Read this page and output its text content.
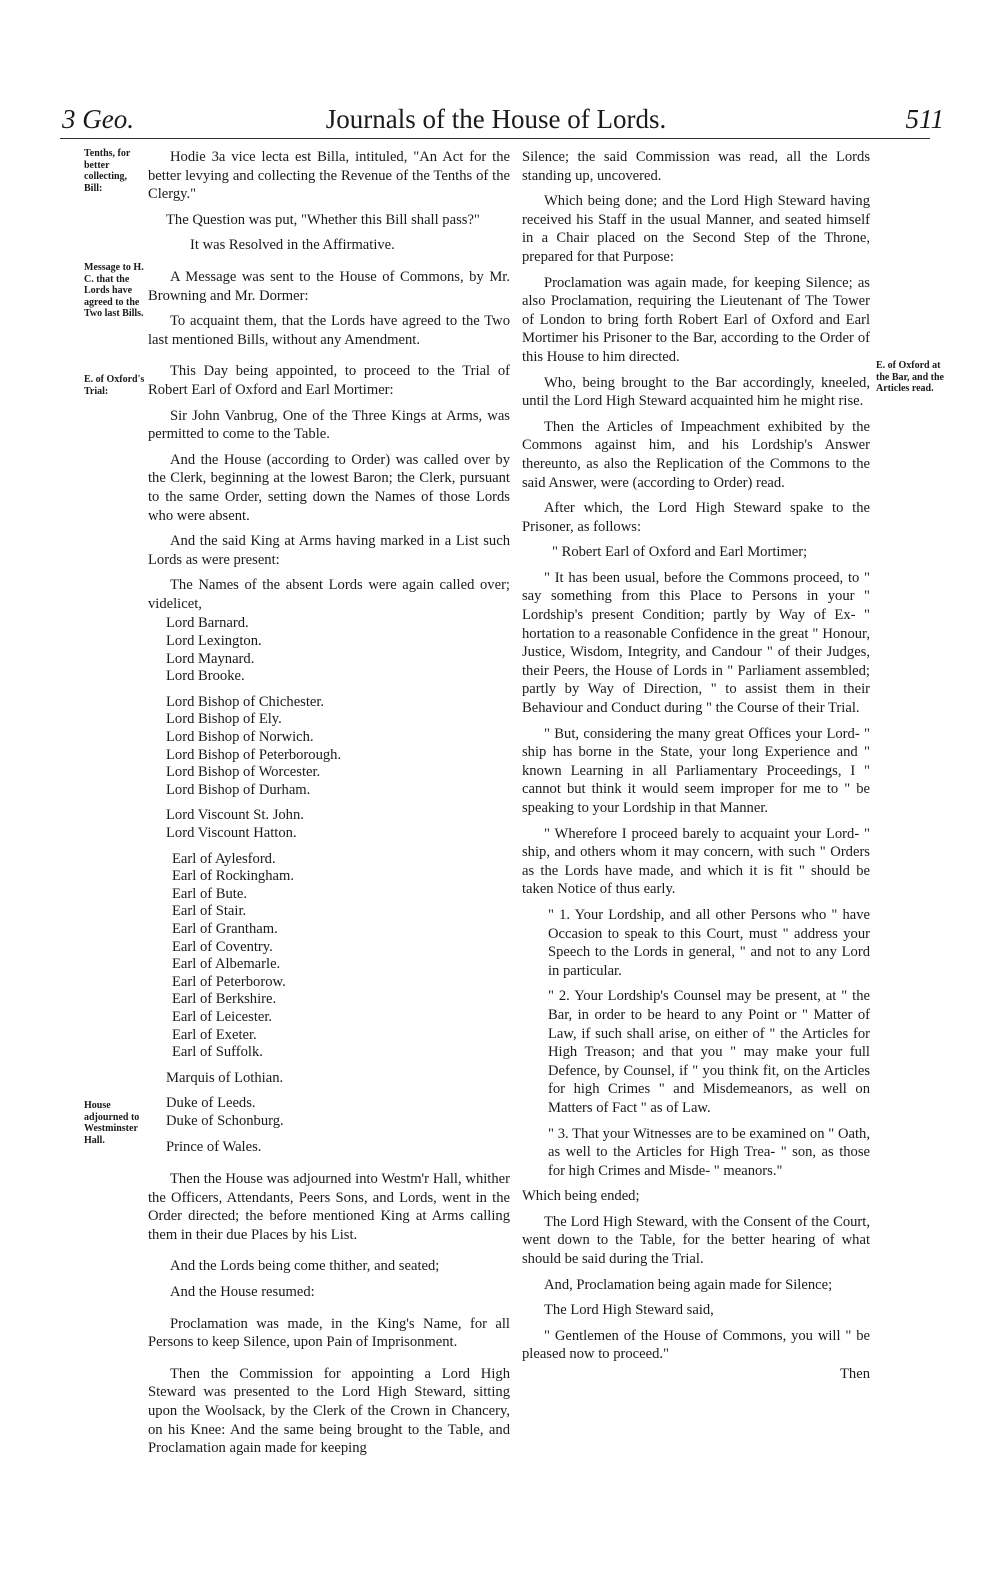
3 Geo.	Journals of the House of Lords.	511
Tenths, for better collecting, Bill:
Message to H. C. that the Lords have agreed to the Two last Bills.
E. of Oxford's Trial:
House adjourned to Westminster Hall.
E. of Oxford at the Bar, and the Articles read.

Hodie 3a vice lecta est Billa, intituled, "An Act for the better levying and collecting the Revenue of the Tenths of the Clergy."

The Question was put, "Whether this Bill shall pass?"

It was Resolved in the Affirmative.

A Message was sent to the House of Commons, by Mr. Browning and Mr. Dormer:

To acquaint them, that the Lords have agreed to the Two last mentioned Bills, without any Amendment.

This Day being appointed, to proceed to the Trial of Robert Earl of Oxford and Earl Mortimer:

Sir John Vanbrug, One of the Three Kings at Arms, was permitted to come to the Table.

And the House (according to Order) was called over by the Clerk, beginning at the lowest Baron; the Clerk, pursuant to the same Order, setting down the Names of those Lords who were absent.

And the said King at Arms having marked in a List such Lords as were present:

The Names of the absent Lords were again called over; videlicet,

Lord Barnard.
Lord Lexington.
Lord Maynard.
Lord Brooke.
Lord Bishop of Chichester.
Lord Bishop of Ely.
Lord Bishop of Norwich.
Lord Bishop of Peterborough.
Lord Bishop of Worcester.
Lord Bishop of Durham.
Lord Viscount St. John.
Lord Viscount Hatton.
Earl of Aylesford.
Earl of Rockingham.
Earl of Bute.
Earl of Stair.
Earl of Grantham.
Earl of Coventry.
Earl of Albemarle.
Earl of Peterborow.
Earl of Berkshire.
Earl of Leicester.
Earl of Exeter.
Earl of Suffolk.
Marquis of Lothian.
Duke of Leeds.
Duke of Schonburg.
Prince of Wales.

Then the House was adjourned into Westm'r Hall, whither the Officers, Attendants, Peers Sons, and Lords, went in the Order directed; the before mentioned King at Arms calling them in their due Places by his List.

And the Lords being come thither, and seated;

And the House resumed:

Proclamation was made, in the King's Name, for all Persons to keep Silence, upon Pain of Imprisonment.

Then the Commission for appointing a Lord High Steward was presented to the Lord High Steward, sitting upon the Woolsack, by the Clerk of the Crown in Chancery, on his Knee: And the same being brought to the Table, and Proclamation again made for keeping

Silence; the said Commission was read, all the Lords standing up, uncovered.

Which being done; and the Lord High Steward having received his Staff in the usual Manner, and seated himself in a Chair placed on the Second Step of the Throne, prepared for that Purpose:

Proclamation was again made, for keeping Silence; as also Proclamation, requiring the Lieutenant of The Tower of London to bring forth Robert Earl of Oxford and Earl Mortimer his Prisoner to the Bar, according to the Order of this House to him directed.

Who, being brought to the Bar accordingly, kneeled, until the Lord High Steward acquainted him he might rise.

Then the Articles of Impeachment exhibited by the Commons against him, and his Lordship's Answer thereunto, as also the Replication of the Commons to the said Answer, were (according to Order) read.

After which, the Lord High Steward spake to the Prisoner, as follows:

" Robert Earl of Oxford and Earl Mortimer;

" It has been usual, before the Commons proceed, to " say something from this Place to Persons in your " Lordship's present Condition; partly by Way of Ex- " hortation to a reasonable Confidence in the great " Honour, Justice, Wisdom, Integrity, and Candour " of their Judges, their Peers, the House of Lords in " Parliament assembled; partly by Way of Direction, " to assist them in their Behaviour and Conduct during " the Course of their Trial.

" But, considering the many great Offices your Lord- " ship has borne in the State, your long Experience and " known Learning in all Parliamentary Proceedings, I " cannot but think it would seem improper for me to " be speaking to your Lordship in that Manner.

" Wherefore I proceed barely to acquaint your Lord- " ship, and others whom it may concern, with such " Orders as the Lords have made, and which it is fit " should be taken Notice of thus early.

" 1. Your Lordship, and all other Persons who " have Occasion to speak to this Court, must " address your Speech to the Lords in general, " and not to any Lord in particular.

" 2. Your Lordship's Counsel may be present, at " the Bar, in order to be heard to any Point or " Matter of Law, if such shall arise, on either of " the Articles for High Treason; and that you " may make your full Defence, by Counsel, if " you think fit, on the Articles for high Crimes " and Misdemeanors, as well on Matters of Fact " as of Law.

" 3. That your Witnesses are to be examined on " Oath, as well to the Articles for High Trea- " son, as those for high Crimes and Misde- " meanors."

Which being ended;

The Lord High Steward, with the Consent of the Court, went down to the Table, for the better hearing of what should be said during the Trial.

And, Proclamation being again made for Silence;

The Lord High Steward said,

" Gentlemen of the House of Commons, you will " be pleased now to proceed."

Then
